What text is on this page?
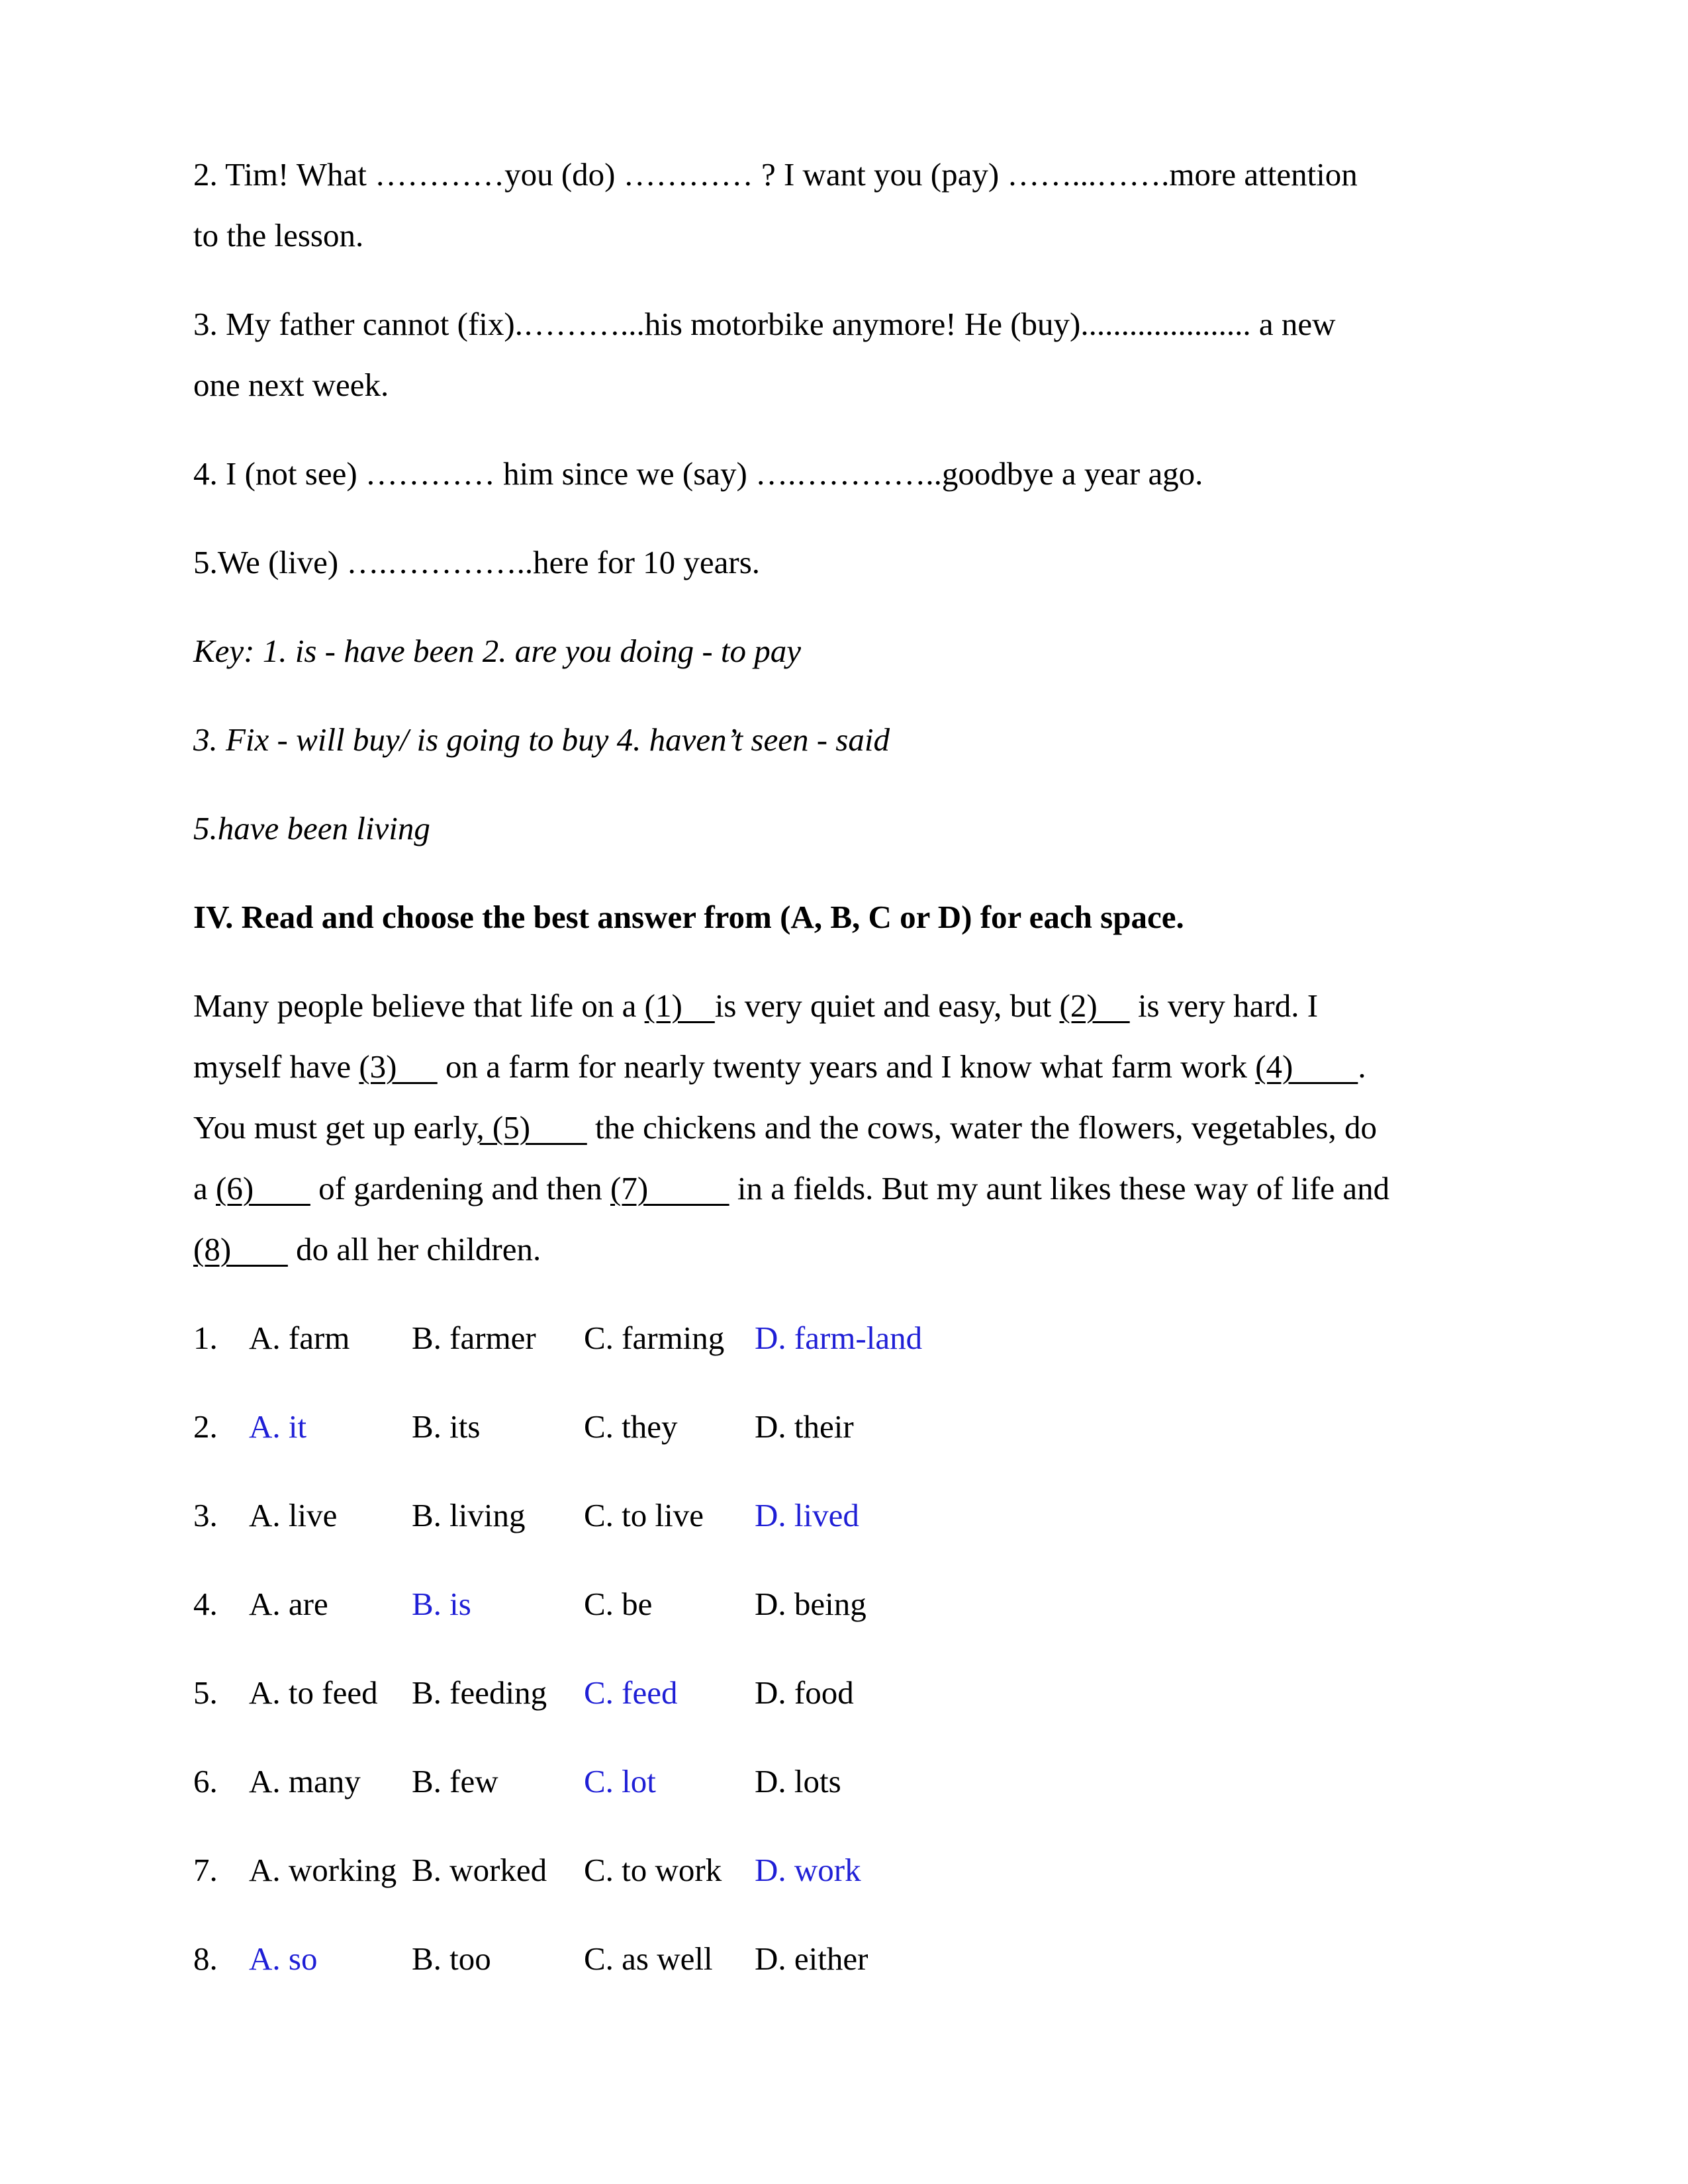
2. Tim! What …………you (do) ………… ? I want you (pay) ……...…….more attention

to the lesson.

3. My father cannot (fix).………...his motorbike anymore! He (buy)..................... a new

one next week.

4. I (not see) ………… him since we (say) ….…………..goodbye a year ago.

5.We (live) ….…………..here for 10 years.

Key: 1. is - have been 2. are you doing - to pay

3. Fix - will buy/ is going to buy 4. haven’t seen - said

5.have been living

IV. Read and choose the best answer from (A, B, C or D) for each space.

Many people believe that life on a (1)    is very quiet and easy, but (2)     is very hard. I

myself have (3)      on a farm for nearly twenty years and I know what farm work (4)        .

You must get up early, (5)        the chickens and the cows, water the flowers, vegetables, do

a (6)        of gardening and then (7)           in a fields. But my aunt likes these way of life and

(8)        do all her children.

1. A. farm B. farmer C. farming D. farm-land
2. A. it	B. its	C. they D. their
3. A. live B. living C. to live D. lived
4. A. are	B. is	C. be	D. being
5. A. to feed B. feeding C. feed D. food
6. A. many B. few	C. lot	D. lots
7. A. working B. worked C. to work D. work
8. A. so	B. too	C. as well D. either
